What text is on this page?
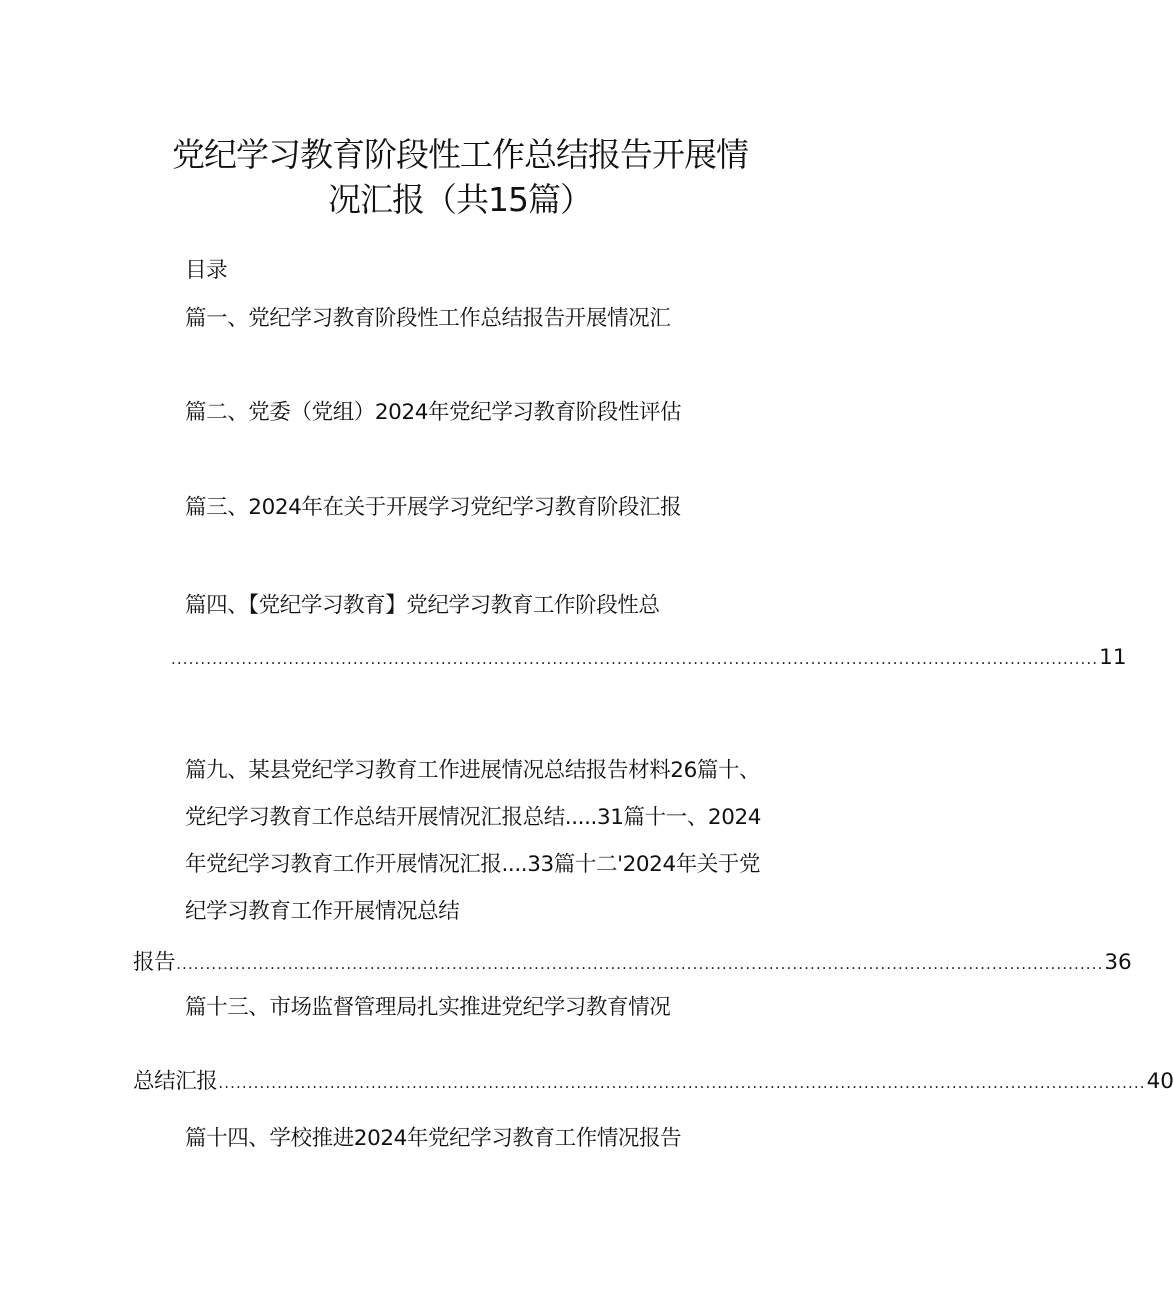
党纪学习教育阶段性工作总结报告开展情
况汇报（共15篇）
目录
篇一、党纪学习教育阶段性工作总结报告开展情况汇
篇二、党委（党组）2024年党纪学习教育阶段性评估
篇三、2024年在关于开展学习党纪学习教育阶段汇报
篇四、【党纪学习教育】党纪学习教育工作阶段性总
.............................................................................................................................................................. 11
篇九、某县党纪学习教育工作进展情况总结报告材料26篇十、
党纪学习教育工作总结开展情况汇报总结.....31篇十一、2024
年党纪学习教育工作开展情况汇报....33篇十二'2024年关于党
纪学习教育工作开展情况总结
报告 .............................................................................................................................................................. 36
篇十三、市场监督管理局扎实推进党纪学习教育情况
总结汇报 .............................................................................................................................................................. 40
篇十四、学校推进2024年党纪学习教育工作情况报告
